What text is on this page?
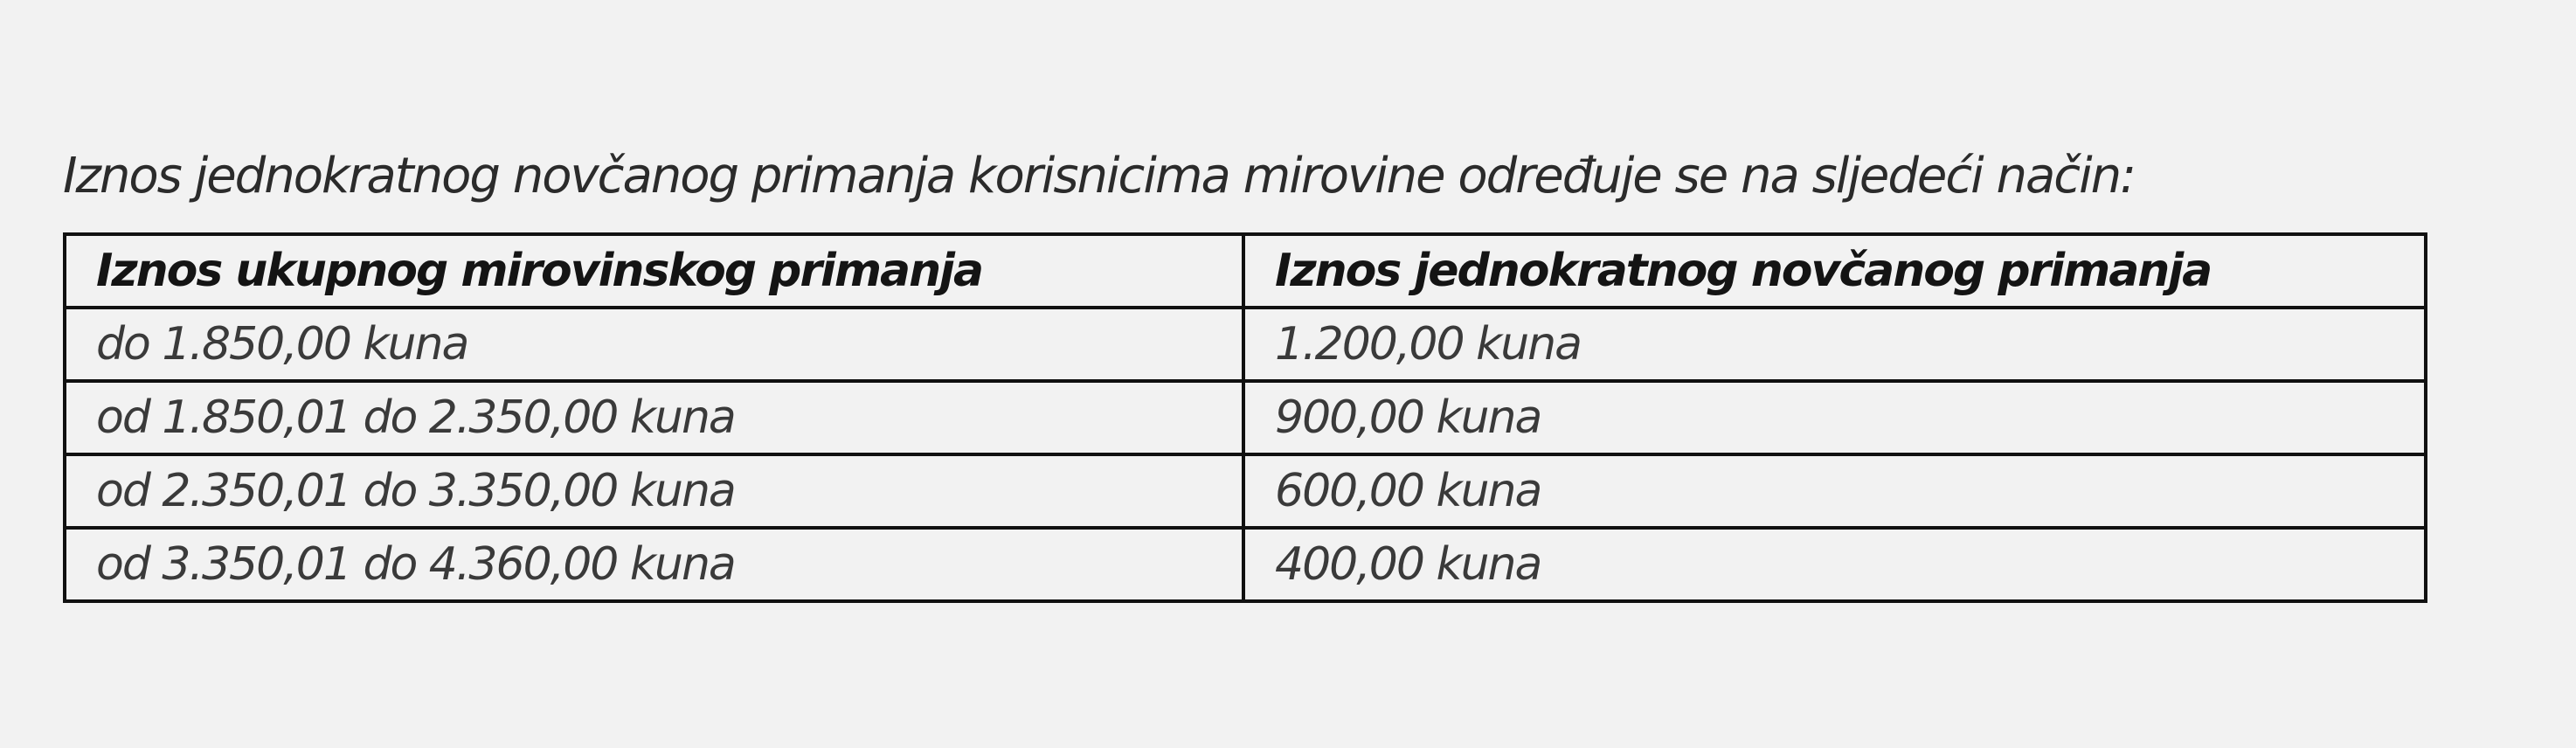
Iznos jednokratnog novčanog primanja korisnicima mirovine određuje se na sljedeći način:

Iznos ukupnog mirovinskog primanja	Iznos jednokratnog novčanog primanja
do 1.850,00 kuna	1.200,00 kuna
od 1.850,01 do 2.350,00 kuna	900,00 kuna
od 2.350,01 do 3.350,00 kuna	600,00 kuna
od 3.350,01 do 4.360,00 kuna	400,00 kuna
